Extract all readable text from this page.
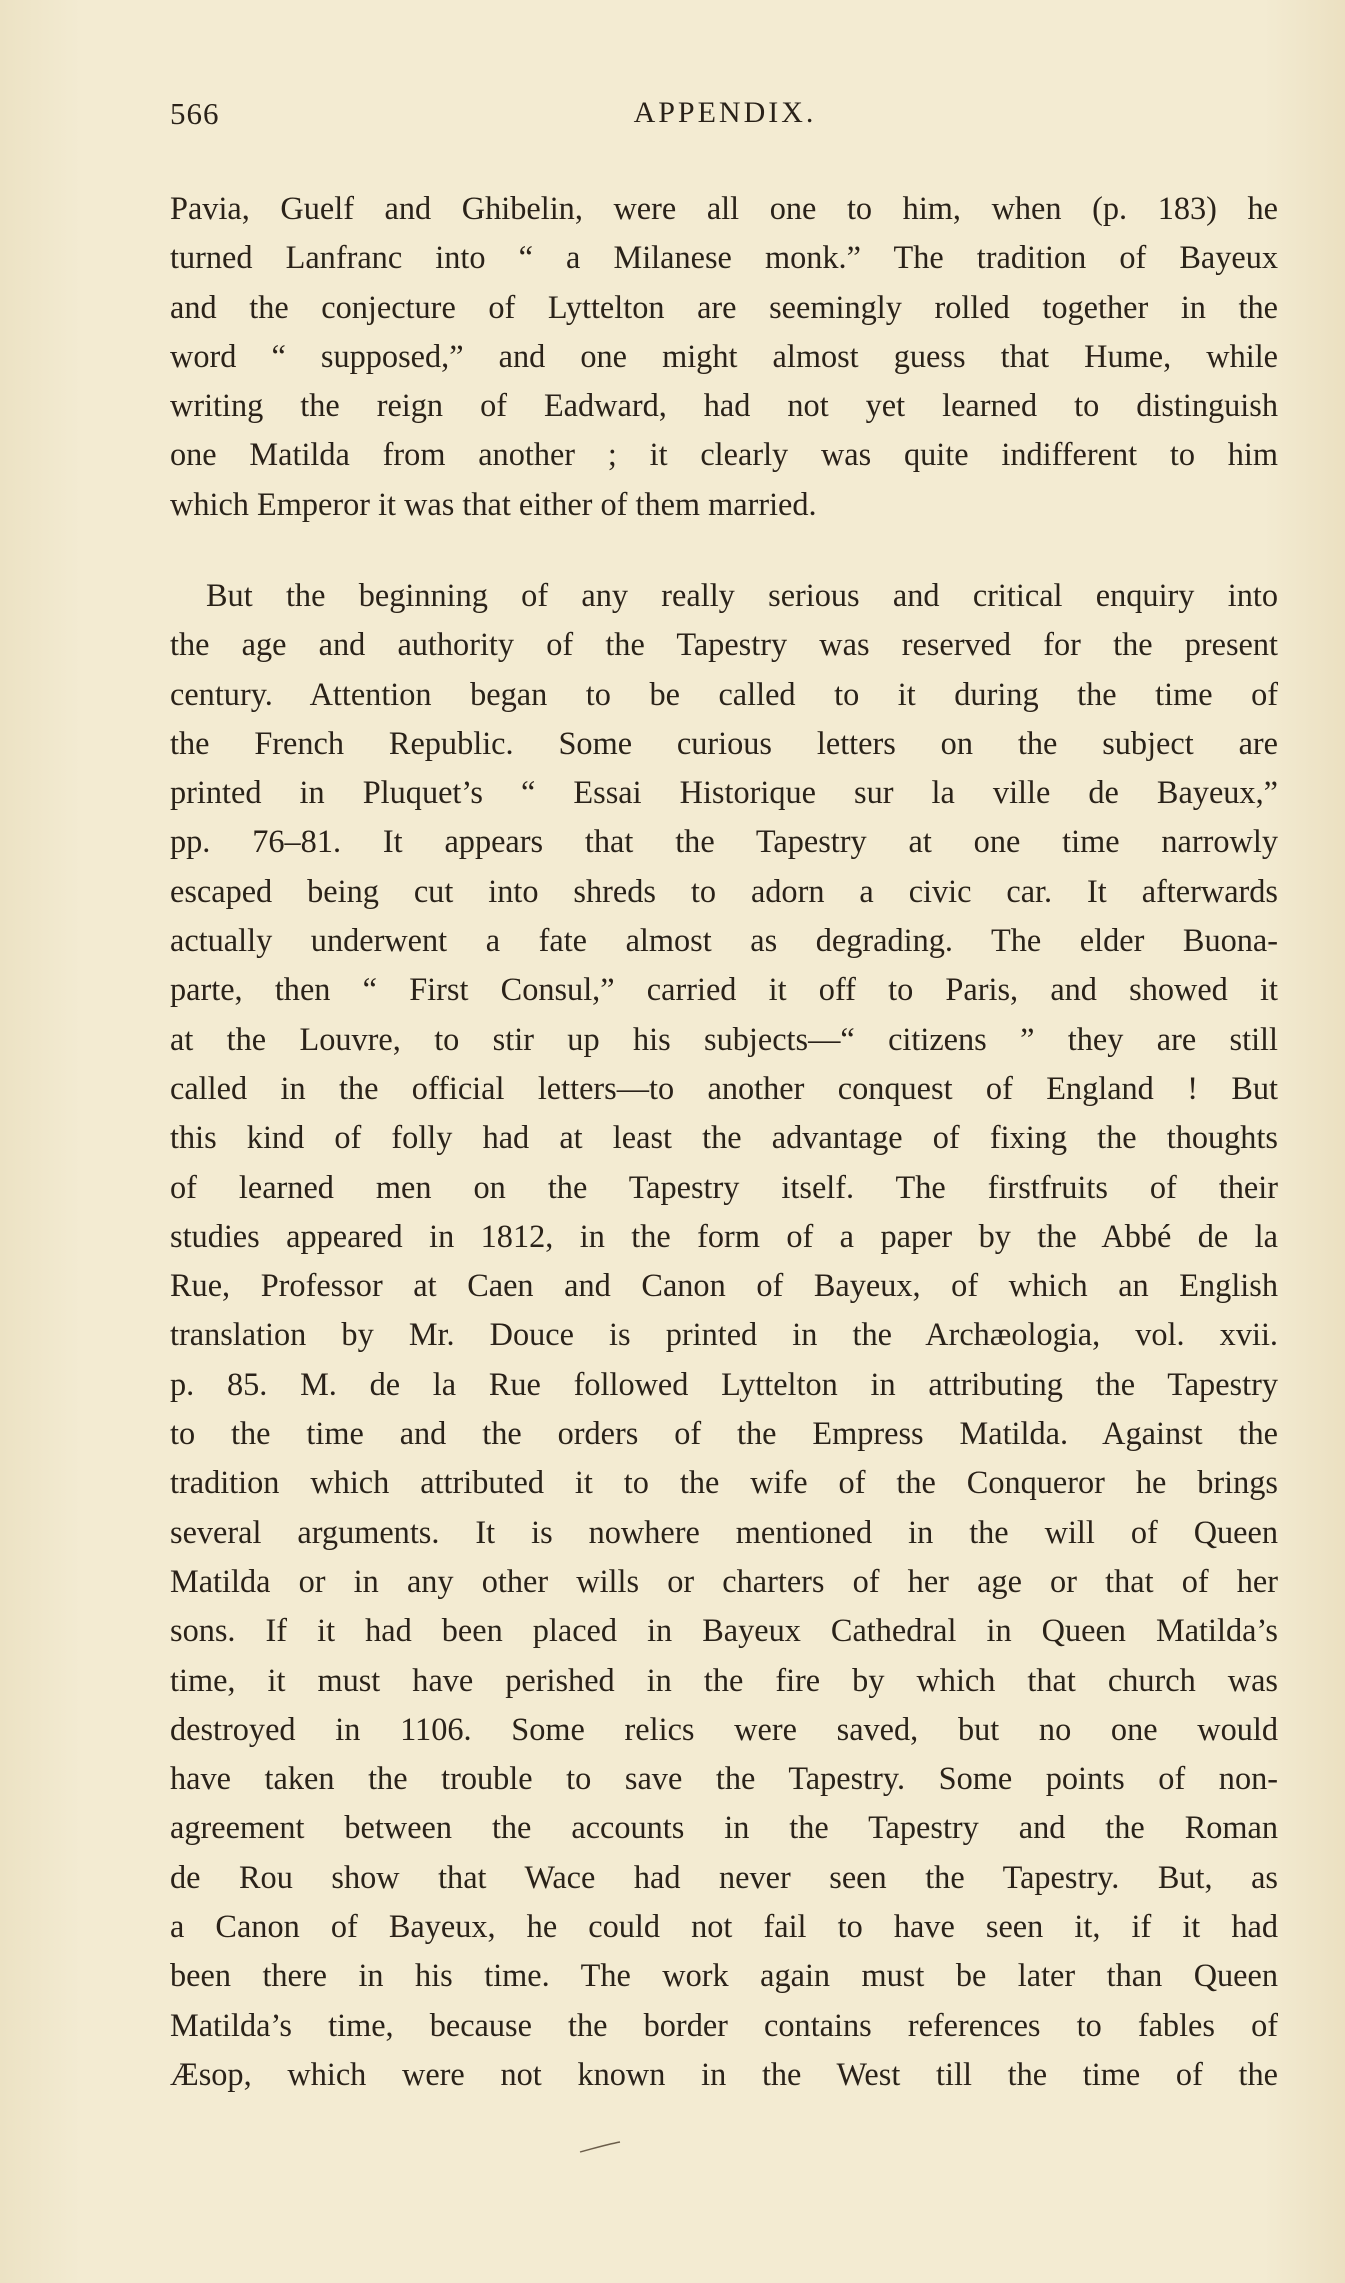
566	APPENDIX.
Pavia, Guelf and Ghibelin, were all one to him, when (p. 183) he
turned Lanfranc into “ a Milanese monk.” The tradition of Bayeux
and the conjecture of Lyttelton are seemingly rolled together in the
word “ supposed,” and one might almost guess that Hume, while
writing the reign of Eadward, had not yet learned to distinguish
one Matilda from another ; it clearly was quite indifferent to him
which Emperor it was that either of them married.
But the beginning of any really serious and critical enquiry into
the age and authority of the Tapestry was reserved for the present
century. Attention began to be called to it during the time of
the French Republic. Some curious letters on the subject are
printed in Pluquet’s “ Essai Historique sur la ville de Bayeux,”
pp. 76–81. It appears that the Tapestry at one time narrowly
escaped being cut into shreds to adorn a civic car. It afterwards
actually underwent a fate almost as degrading. The elder Buona-
parte, then “ First Consul,” carried it off to Paris, and showed it
at the Louvre, to stir up his subjects—“ citizens ” they are still
called in the official letters—to another conquest of England ! But
this kind of folly had at least the advantage of fixing the thoughts
of learned men on the Tapestry itself. The firstfruits of their
studies appeared in 1812, in the form of a paper by the Abbé de la
Rue, Professor at Caen and Canon of Bayeux, of which an English
translation by Mr. Douce is printed in the Archæologia, vol. xvii.
p. 85. M. de la Rue followed Lyttelton in attributing the Tapestry
to the time and the orders of the Empress Matilda. Against the
tradition which attributed it to the wife of the Conqueror he brings
several arguments. It is nowhere mentioned in the will of Queen
Matilda or in any other wills or charters of her age or that of her
sons. If it had been placed in Bayeux Cathedral in Queen Matilda’s
time, it must have perished in the fire by which that church was
destroyed in 1106. Some relics were saved, but no one would
have taken the trouble to save the Tapestry. Some points of non-
agreement between the accounts in the Tapestry and the Roman
de Rou show that Wace had never seen the Tapestry. But, as
a Canon of Bayeux, he could not fail to have seen it, if it had
been there in his time. The work again must be later than Queen
Matilda’s time, because the border contains references to fables of
Æsop, which were not known in the West till the time of the
